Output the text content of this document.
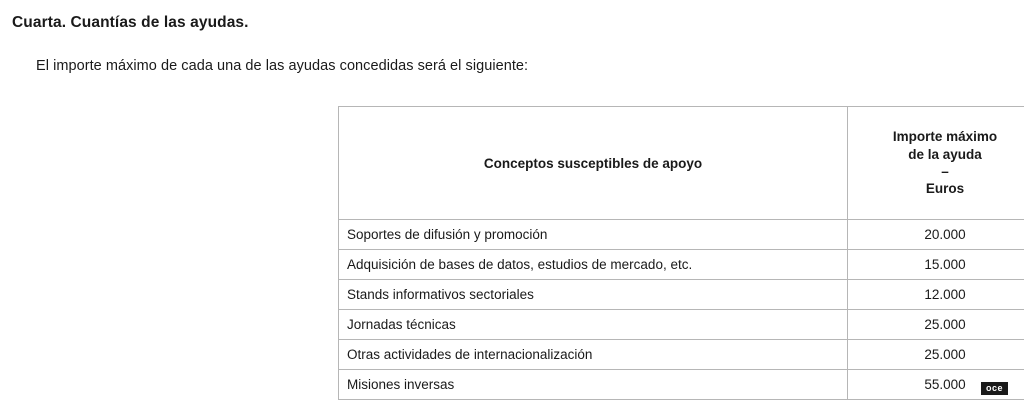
Cuarta. Cuantías de las ayudas.

El importe máximo de cada una de las ayudas concedidas será el siguiente:

Conceptos susceptibles de apoyo	Importe máximo
de la ayuda
–
Euros

Soportes de difusión y promoción	20.000
Adquisición de bases de datos, estudios de mercado, etc.	15.000
Stands informativos sectoriales	12.000
Jornadas técnicas	25.000
Otras actividades de internacionalización	25.000
Misiones inversas	55.000	oce
